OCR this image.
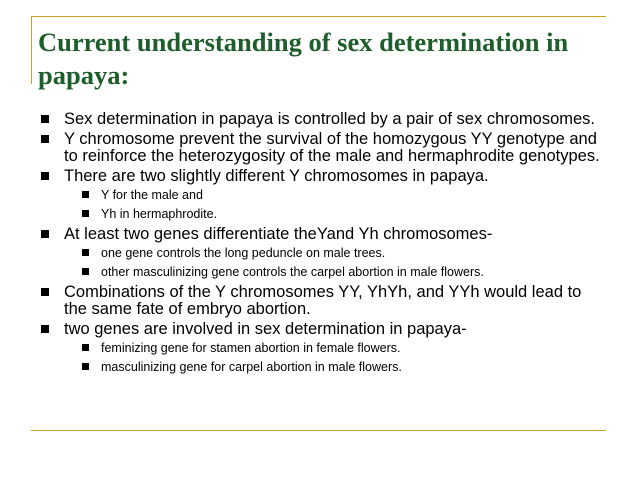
Current understanding of sex determination in papaya:
Sex determination in papaya is controlled by a pair of sex chromosomes.
Y chromosome prevent the survival of the homozygous YY genotype and to reinforce the heterozygosity of the male and hermaphrodite genotypes.
There are two slightly different Y chromosomes in papaya.
Y for the male and
Yh in hermaphrodite.
At least two genes differentiate theYand Yh chromosomes-
one gene controls the long peduncle on male trees.
other masculinizing gene controls the carpel abortion in male flowers.
Combinations of the Y chromosomes YY, YhYh, and YYh would lead to the same fate of embryo abortion.
two genes are involved in sex determination in papaya-
feminizing gene for stamen abortion in female flowers.
masculinizing gene for carpel abortion in male flowers.
